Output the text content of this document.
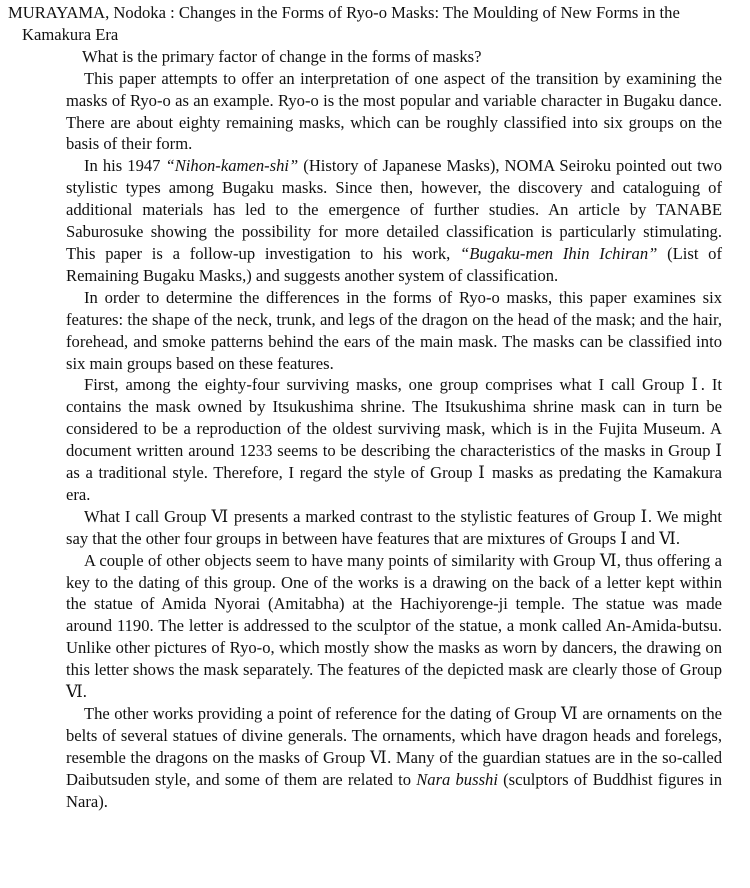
MURAYAMA, Nodoka : Changes in the Forms of Ryo-o Masks: The Moulding of New Forms in the Kamakura Era
What is the primary factor of change in the forms of masks?

This paper attempts to offer an interpretation of one aspect of the transition by examining the masks of Ryo-o as an example. Ryo-o is the most popular and variable character in Bugaku dance. There are about eighty remaining masks, which can be roughly classified into six groups on the basis of their form.

In his 1947 “Nihon-kamen-shi” (History of Japanese Masks), NOMA Seiroku pointed out two stylistic types among Bugaku masks. Since then, however, the discovery and cataloguing of additional materials has led to the emergence of further studies. An article by TANABE Saburosuke showing the possibility for more detailed classification is particularly stimulating. This paper is a follow-up investigation to his work, “Bugaku-men Ihin Ichiran” (List of Remaining Bugaku Masks,) and suggests another system of classification.

In order to determine the differences in the forms of Ryo-o masks, this paper examines six features: the shape of the neck, trunk, and legs of the dragon on the head of the mask; and the hair, forehead, and smoke patterns behind the ears of the main mask. The masks can be classified into six main groups based on these features.

First, among the eighty-four surviving masks, one group comprises what I call Group Ⅰ. It contains the mask owned by Itsukushima shrine. The Itsukushima shrine mask can in turn be considered to be a reproduction of the oldest surviving mask, which is in the Fujita Museum. A document written around 1233 seems to be describing the characteristics of the masks in Group Ⅰ as a traditional style. Therefore, I regard the style of Group Ⅰ masks as predating the Kamakura era.

What I call Group Ⅵ presents a marked contrast to the stylistic features of Group Ⅰ. We might say that the other four groups in between have features that are mixtures of Groups Ⅰ and Ⅵ.

A couple of other objects seem to have many points of similarity with Group Ⅵ, thus offering a key to the dating of this group. One of the works is a drawing on the back of a letter kept within the statue of Amida Nyorai (Amitabha) at the Hachiyorenge-ji temple. The statue was made around 1190. The letter is addressed to the sculptor of the statue, a monk called An-Amida-butsu. Unlike other pictures of Ryo-o, which mostly show the masks as worn by dancers, the drawing on this letter shows the mask separately. The features of the depicted mask are clearly those of Group Ⅵ.

The other works providing a point of reference for the dating of Group Ⅵ are ornaments on the belts of several statues of divine generals. The ornaments, which have dragon heads and forelegs, resemble the dragons on the masks of Group Ⅵ. Many of the guardian statues are in the so-called Daibutsuden style, and some of them are related to Nara busshi (sculptors of Buddhist figures in Nara).
